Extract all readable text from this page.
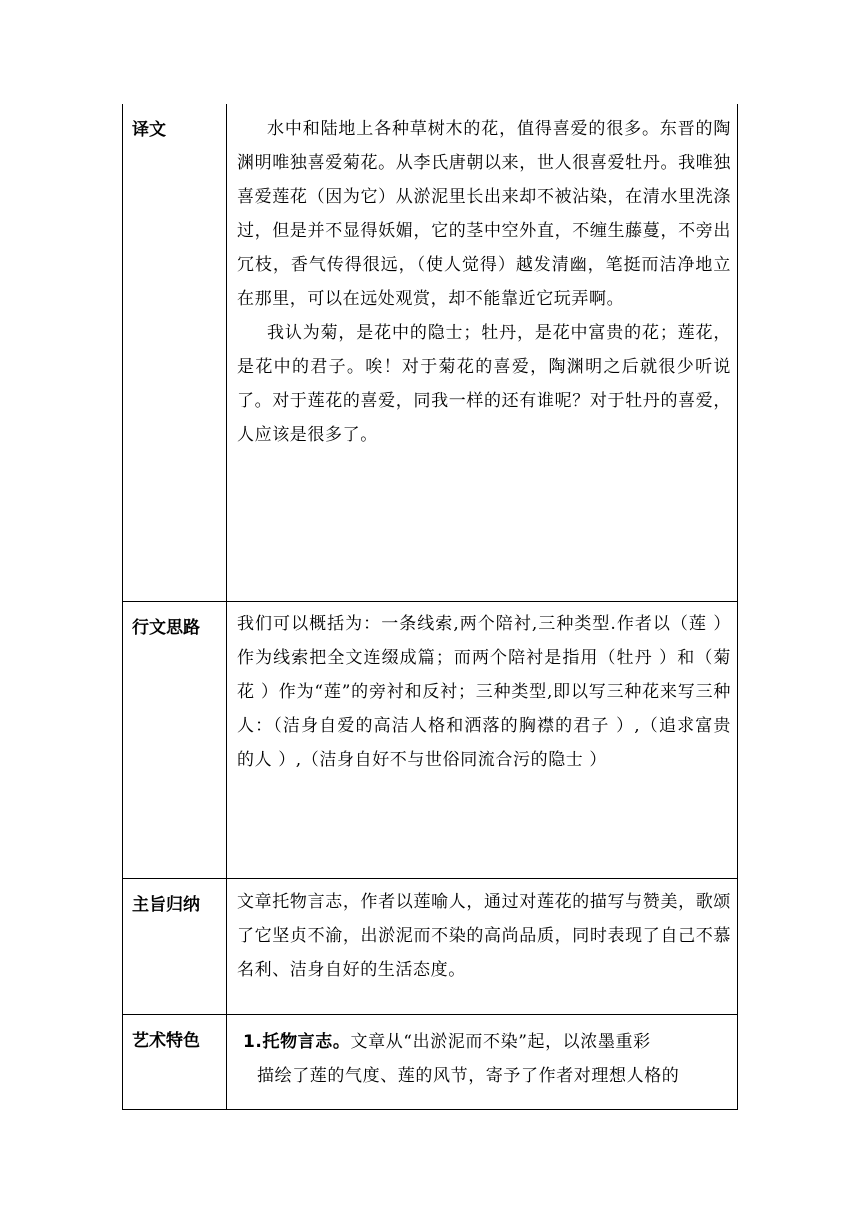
译文	水中和陆地上各种草树木的花，值得喜爱的很多。东晋的陶渊明唯独喜爱菊花。从李氏唐朝以来，世人很喜爱牡丹。我唯独喜爱莲花（因为它）从淤泥里长出来却不被沾染，在清水里洗涤过，但是并不显得妖媚，它的茎中空外直，不缠生藤蔓，不旁出冗枝，香气传得很远，（使人觉得）越发清幽，笔挺而洁净地立在那里，可以在远处观赏，却不能靠近它玩弄啊。

我认为菊，是花中的隐士；牡丹，是花中富贵的花；莲花，是花中的君子。唉！对于菊花的喜爱，陶渊明之后就很少听说了。对于莲花的喜爱，同我一样的还有谁呢？对于牡丹的喜爱，人应该是很多了。

行文思路	我们可以概括为：一条线索,两个陪衬,三种类型.作者以（莲 ）作为线索把全文连缀成篇；而两个陪衬是指用（牡丹 ）和（菊花 ）作为“莲”的旁衬和反衬；三种类型,即以写三种花来写三种人：（洁身自爱的高洁人格和洒落的胸襟的君子 ）,（追求富贵的人 ）,（洁身自好不与世俗同流合污的隐士 ）

主旨归纳	文章托物言志，作者以莲喻人，通过对莲花的描写与赞美，歌颂了它坚贞不渝，出淤泥而不染的高尚品质，同时表现了自己不慕名利、洁身自好的生活态度。

艺术特色	1.托物言志。文章从“出淤泥而不染”起，以浓墨重彩

描绘了莲的气度、莲的风节，寄予了作者对理想人格的
